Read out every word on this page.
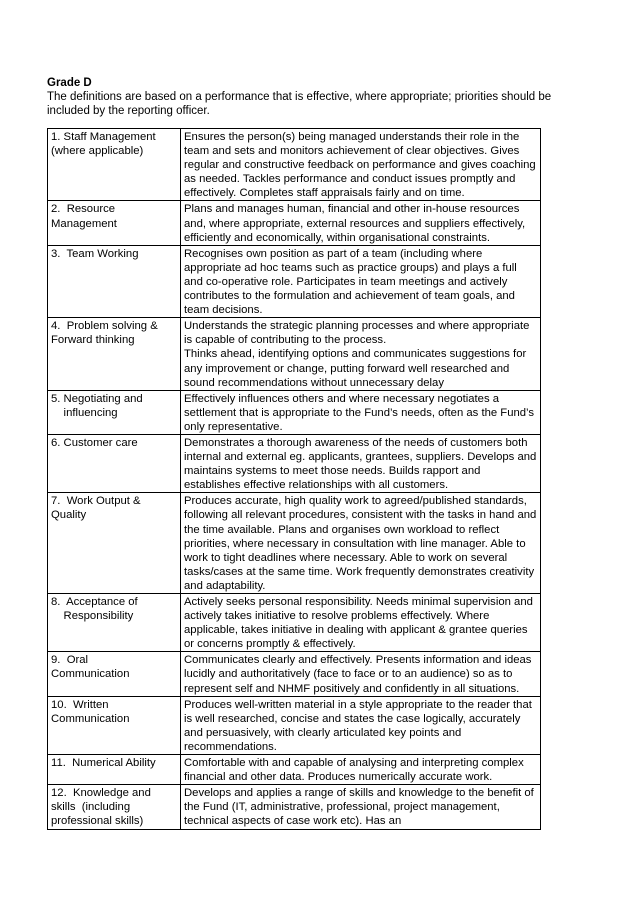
Grade D

The definitions are based on a performance that is effective, where appropriate; priorities should be included by the reporting officer.

1. Staff Management
(where applicable)	Ensures the person(s) being managed understands their role in the team and sets and monitors achievement of clear objectives. Gives regular and constructive feedback on performance and gives coaching as needed. Tackles performance and conduct issues promptly and effectively. Completes staff appraisals fairly and on time.

2.  Resource
Management	Plans and manages human, financial and other in-house resources and, where appropriate, external resources and suppliers effectively, efficiently and economically, within organisational constraints.

3.  Team Working	Recognises own position as part of a team (including where appropriate ad hoc teams such as practice groups) and plays a full and co-operative role. Participates in team meetings and actively contributes to the formulation and achievement of team goals, and team decisions.

4.  Problem solving &
Forward thinking	Understands the strategic planning processes and where appropriate is capable of contributing to the process.
Thinks ahead, identifying options and communicates suggestions for any improvement or change, putting forward well researched and sound recommendations without unnecessary delay

5. Negotiating and
influencing	Effectively influences others and where necessary negotiates a settlement that is appropriate to the Fund’s needs, often as the Fund’s only representative.

6. Customer care	Demonstrates a thorough awareness of the needs of customers both internal and external eg. applicants, grantees, suppliers. Develops and maintains systems to meet those needs. Builds rapport and establishes effective relationships with all customers.

7.  Work Output &
Quality	Produces accurate, high quality work to agreed/published standards, following all relevant procedures, consistent with the tasks in hand and the time available. Plans and organises own workload to reflect priorities, where necessary in consultation with line manager. Able to work to tight deadlines where necessary. Able to work on several tasks/cases at the same time. Work frequently demonstrates creativity and adaptability.

8.  Acceptance of
Responsibility	Actively seeks personal responsibility. Needs minimal supervision and actively takes initiative to resolve problems effectively. Where applicable, takes initiative in dealing with applicant & grantee queries or concerns promptly & effectively.

9.  Oral
Communication	Communicates clearly and effectively. Presents information and ideas lucidly and authoritatively (face to face or to an audience) so as to represent self and NHMF positively and confidently in all situations.

10.  Written
Communication	Produces well-written material in a style appropriate to the reader that is well researched, concise and states the case logically, accurately and persuasively, with clearly articulated key points and recommendations.

11.  Numerical Ability	Comfortable with and capable of analysing and interpreting complex financial and other data. Produces numerically accurate work.

12.  Knowledge and
skills  (including
professional skills)	Develops and applies a range of skills and knowledge to the benefit of the Fund (IT, administrative, professional, project management, technical aspects of case work etc). Has an
